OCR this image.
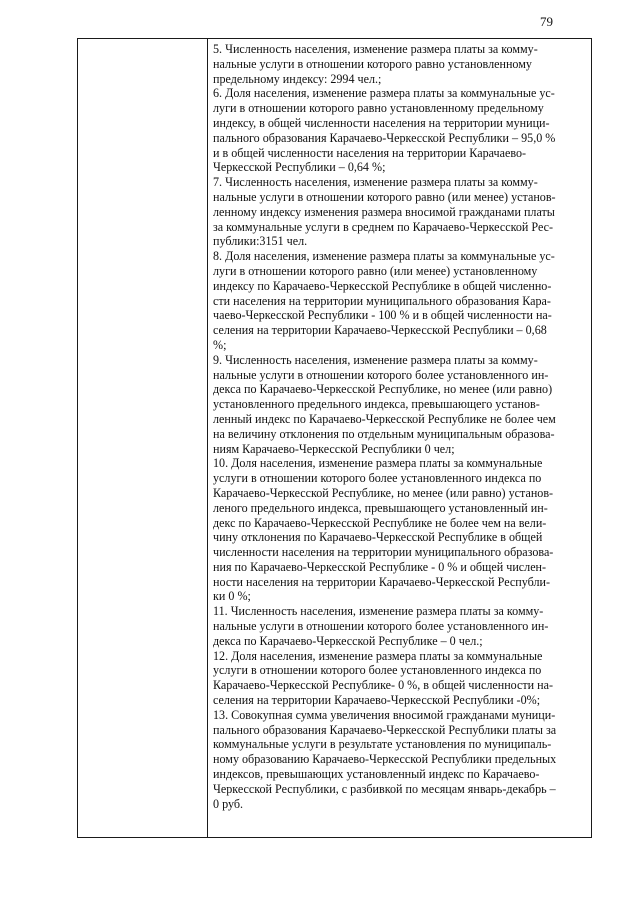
79
5. Численность населения, изменение размера платы за комму-
нальные услуги в отношении которого равно установленному
предельному индексу: 2994 чел.;
6. Доля населения, изменение размера платы за коммунальные ус-
луги в отношении которого равно установленному предельному
индексу, в общей численности населения на территории муници-
пального образования Карачаево-Черкесской Республики – 95,0 %
и в общей численности населения на территории Карачаево-
Черкесской Республики – 0,64 %;
7. Численность населения, изменение размера платы за комму-
нальные услуги в отношении которого равно (или менее) установ-
ленному индексу изменения размера вносимой гражданами платы
за коммунальные услуги в среднем по Карачаево-Черкесской Рес-
публики:3151 чел.
8. Доля населения, изменение размера платы за коммунальные ус-
луги в отношении которого равно (или менее) установленному
индексу по Карачаево-Черкесской Республике в общей численно-
сти населения на территории муниципального образования Кара-
чаево-Черкесской Республики - 100 % и в общей численности на-
селения на территории Карачаево-Черкесской Республики – 0,68
%;
9. Численность населения, изменение размера платы за комму-
нальные услуги в отношении которого более установленного ин-
декса по Карачаево-Черкесской Республике, но менее (или равно)
установленного предельного индекса, превышающего установ-
ленный индекс по Карачаево-Черкесской Республике не более чем
на величину отклонения по отдельным муниципальным образова-
ниям Карачаево-Черкесской Республики 0 чел;
10. Доля населения, изменение размера платы за коммунальные
услуги в отношении которого более установленного индекса по
Карачаево-Черкесской Республике, но менее (или равно) установ-
леного предельного индекса, превышающего установленный ин-
декс по Карачаево-Черкесской Республике не более чем на вели-
чину отклонения по Карачаево-Черкесской Республике в общей
численности населения на территории муниципального образова-
ния по Карачаево-Черкесской Республике - 0 % и общей числен-
ности населения на территории Карачаево-Черкесской Республи-
ки 0 %;
11. Численность населения, изменение размера платы за комму-
нальные услуги в отношении которого более установленного ин-
декса по Карачаево-Черкесской Республике – 0 чел.;
12. Доля населения, изменение размера платы за коммунальные
услуги в отношении которого более установленного индекса по
Карачаево-Черкесской Республике- 0 %, в общей численности на-
селения на территории Карачаево-Черкесской Республики -0%;
13. Совокупная сумма увеличения вносимой гражданами муници-
пального образования Карачаево-Черкесской Республики платы за
коммунальные услуги в результате установления по муниципаль-
ному образованию Карачаево-Черкесской Республики предельных
индексов, превышающих установленный индекс по Карачаево-
Черкесской Республики, с разбивкой по месяцам январь-декабрь –
0 руб.
